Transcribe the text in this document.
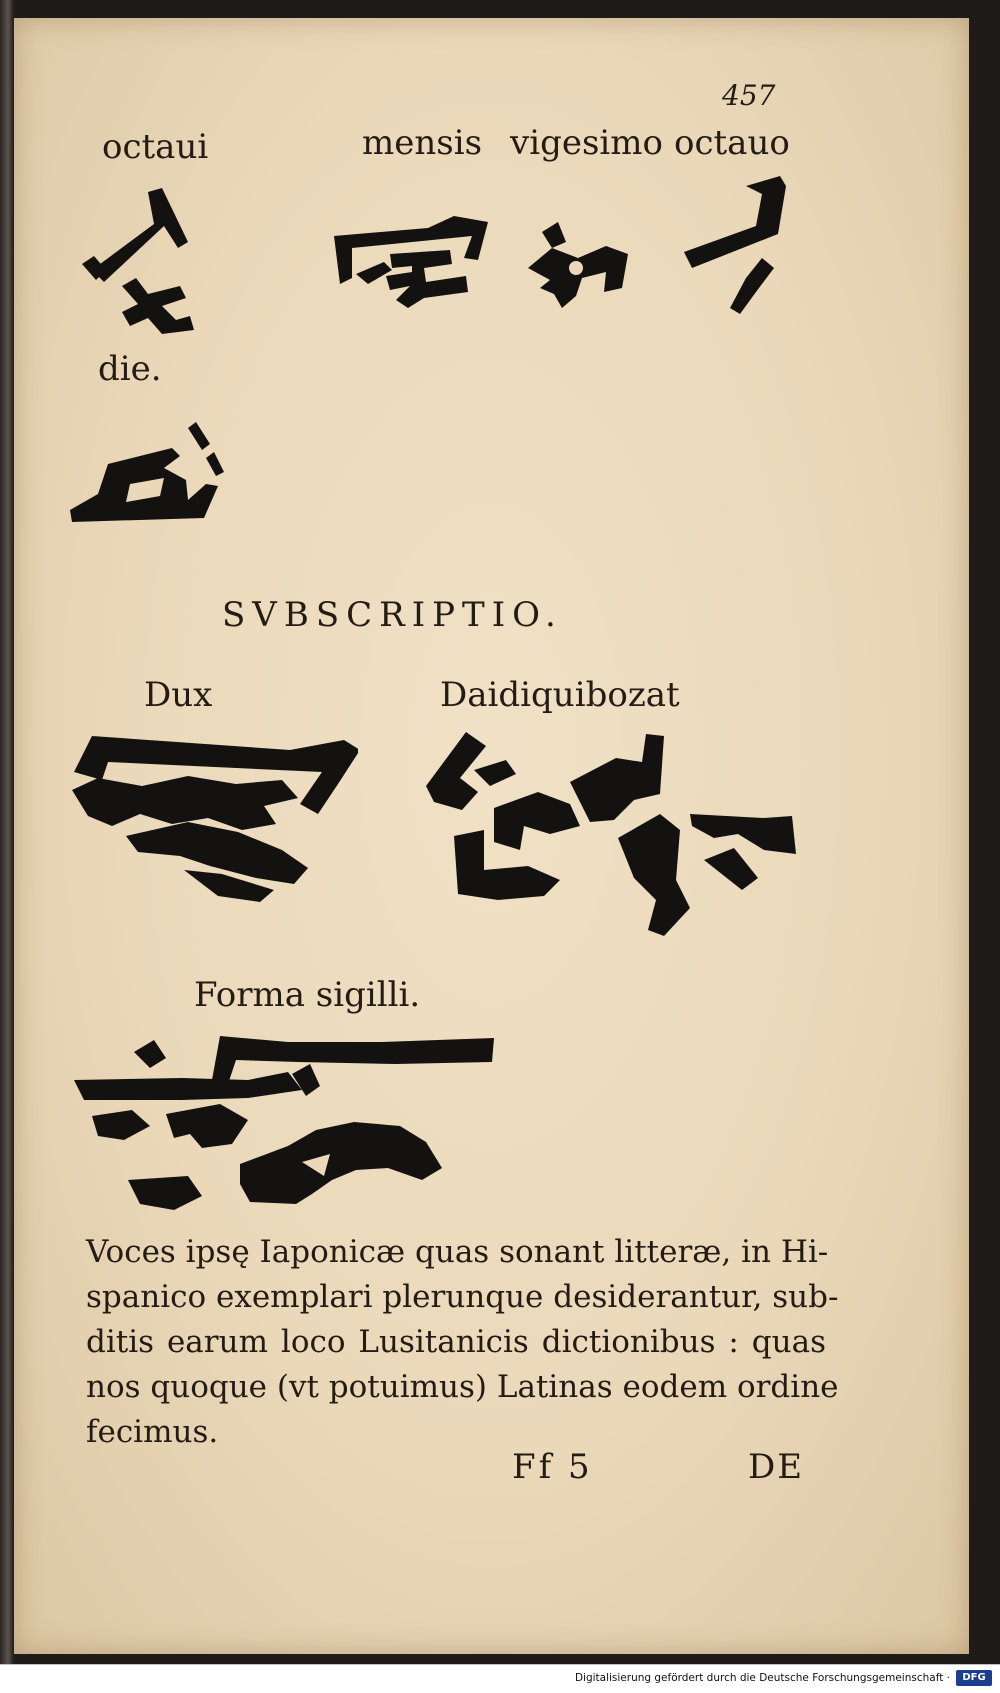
457
octaui	mensis vigesimo octauo
die.
SVBSCRIPTIO.
Dux	Daidiquibozat
Forma sigilli.
Voces ipsę Iaponicæ quas sonant litteræ, in Hi-
spanico exemplari plerunque desiderantur, sub-
ditis earum loco Lusitanicis dictionibus : quas
nos quoque (vt potuimus) Latinas eodem ordine
fecimus.
Ff 5	DE
Digitalisierung gefördert durch die Deutsche Forschungsgemeinschaft ·	DFG
